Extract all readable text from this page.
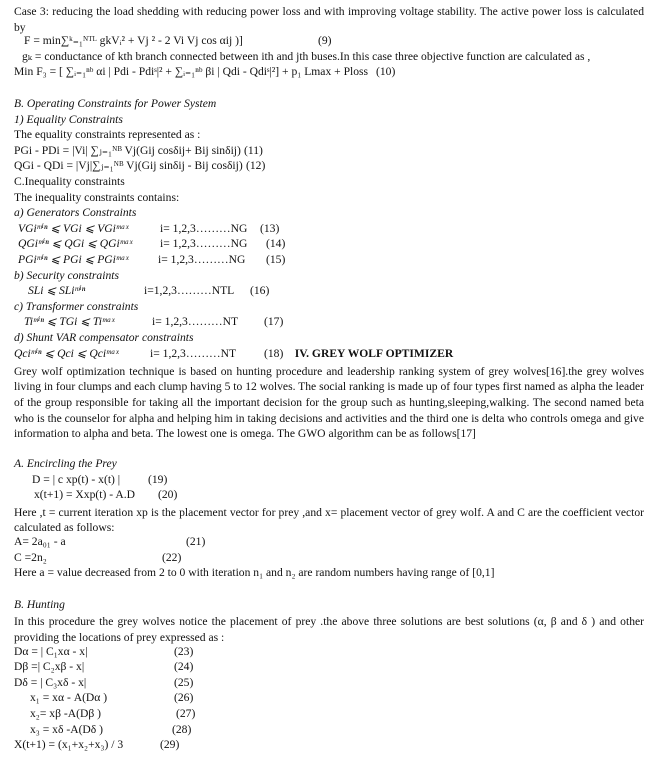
Case 3: reducing the load shedding with reducing power loss and with improving voltage stability. The active power loss is calculated by
F = min∑ᵏ₌₁ᴺᵀᴸ gkVᵢ² + Vj ² - 2 Vi Vj cos αij )]	(9)
gₖ = conductance of kth branch connected between ith and jth buses.In this case three objective function are calculated as ,
Min F₃ = [ ∑ᵢ₌₁ⁿᵇ αi | Pdi - Pdiˢ|² + ∑ᵢ₌₁ⁿᵇ βi | Qdi - Qdiˢ|²] + p₁ Lmax + Ploss (10)
B. Operating Constraints for Power System
1) Equality Constraints
The equality constraints represented as :
PGi - PDi = |Vi| ∑ⱼ₌₁ᴺᴮ Vj(Gij cosδij+ Bij sinδij) (11)
QGi - QDi = |Vj|∑ⱼ₌₁ᴺᴮ Vj(Gij sinδij - Bij cosδij) (12)
C.Inequality constraints
The inequality constraints contains:
a) Generators Constraints
VGiᵐⁱⁿ ⩽ VGi ⩽ VGiᵐᵃˣ	i= 1,2,3………NG (13)
QGiᵐⁱⁿ ⩽ QGi ⩽ QGiᵐᵃˣ i= 1,2,3………NG (14)
PGiᵐⁱⁿ ⩽ PGi ⩽ PGiᵐᵃˣ	i= 1,2,3………NG (15)
b) Security constraints
SLi ⩽ SLiᵐⁱⁿ	i=1,2,3………NTL (16)
c) Transformer constraints
Tiᵐⁱⁿ ⩽ TGi ⩽ Tiᵐᵃˣ	i= 1,2,3………NT (17)
d) Shunt VAR compensator constraints
Qciᵐⁱⁿ ⩽ Qci ⩽ Qciᵐᵃˣ	i= 1,2,3………NT (18) IV. GREY WOLF OPTIMIZER

Grey wolf optimization technique is based on hunting procedure and leadership ranking system of grey wolves[16].the grey wolves living in four clumps and each clump having 5 to 12 wolves. The social ranking is made up of four types first named as alpha the leader of the group responsible for taking all the important decision for the group such as hunting,sleeping,walking. The second named beta who is the counselor for alpha and helping him in taking decisions and activities and the third one is delta who controls omega and give information to alpha and beta. The lowest one is omega. The GWO algorithm can be as follows[17]

A. Encircling the Prey
D = | c xp(t) - x(t) | (19)
x(t+1) = Xxp(t) - A.D (20)

Here ,t = current iteration xp is the placement vector for prey ,and x= placement vector of grey wolf. A and C are the coefficient vector calculated as follows:

A= 2a₀₁ - a	(21)
C =2n₂	(22)
Here a = value decreased from 2 to 0 with iteration n₁ and n₂ are random numbers having range of [0,1]
B. Hunting

In this procedure the grey wolves notice the placement of prey .the above three solutions are best solutions (α, β and δ ) and other providing the locations of prey expressed as :

Dα = | C₁xα - x|	(23)
Dβ =| C₂xβ - x|	(24)
Dδ = | C₃xδ - x|	(25)
x₁ = xα - A(Dα )	(26)
x₂= xβ -A(Dβ )	(27)
x₃ = xδ -A(Dδ )	(28)
X(t+1) = (x₁+x₂+x₃) / 3	(29)
